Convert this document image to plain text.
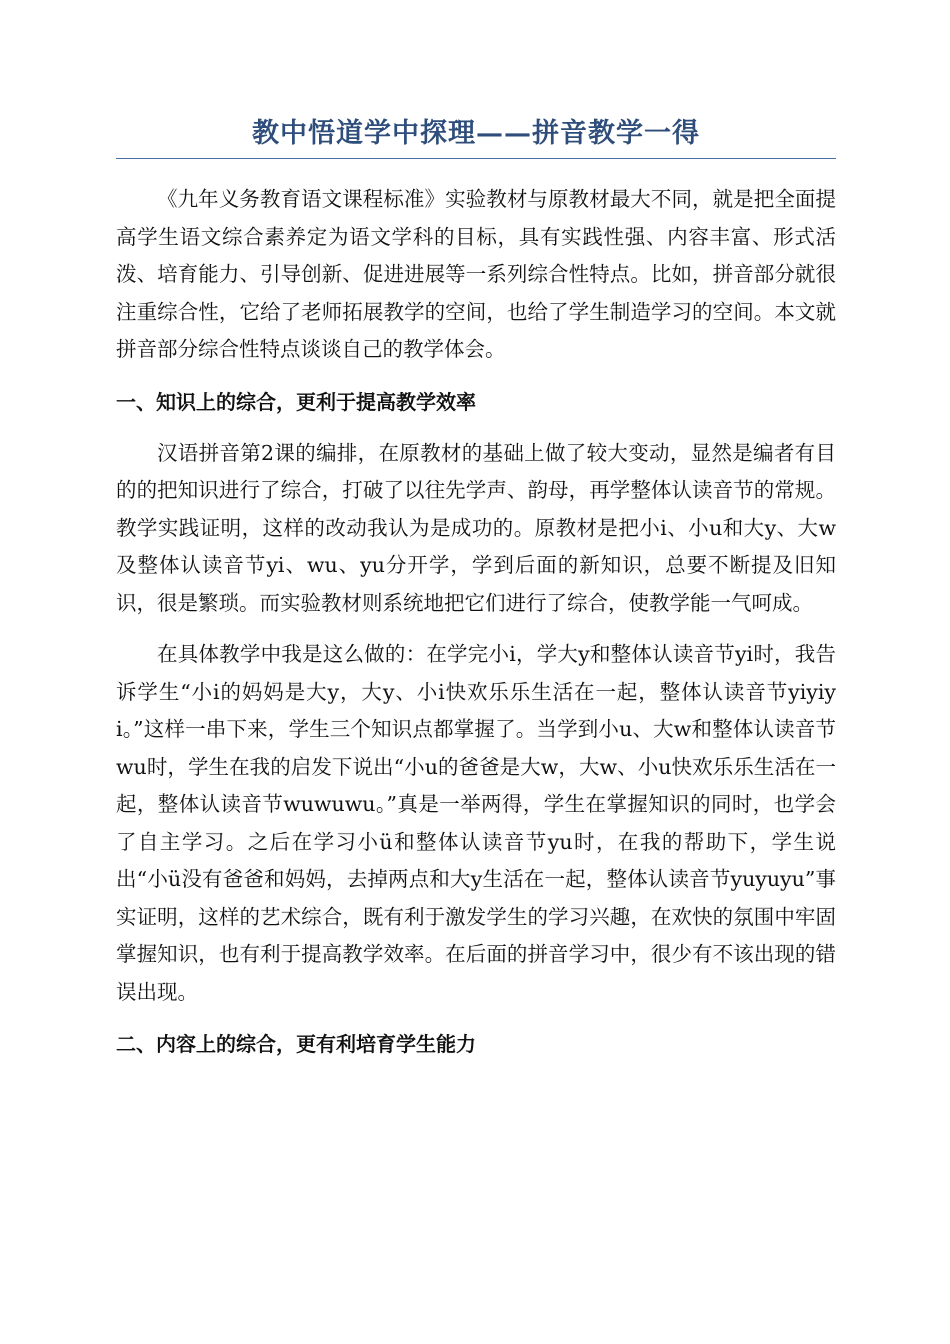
教中悟道学中探理——拼音教学一得

《九年义务教育语文课程标准》实验教材与原教材最大不同，就是把全面提高学生语文综合素养定为语文学科的目标，具有实践性强、内容丰富、形式活泼、培育能力、引导创新、促进进展等一系列综合性特点。比如，拼音部分就很注重综合性，它给了老师拓展教学的空间，也给了学生制造学习的空间。本文就拼音部分综合性特点谈谈自己的教学体会。

一、知识上的综合，更利于提高教学效率

汉语拼音第2课的编排，在原教材的基础上做了较大变动，显然是编者有目的的把知识进行了综合，打破了以往先学声、韵母，再学整体认读音节的常规。教学实践证明，这样的改动我认为是成功的。原教材是把小i、小u和大y、大w及整体认读音节yi、wu、yu分开学，学到后面的新知识，总要不断提及旧知识，很是繁琐。而实验教材则系统地把它们进行了综合，使教学能一气呵成。

在具体教学中我是这么做的：在学完小i，学大y和整体认读音节yi时，我告诉学生“小i的妈妈是大y，大y、小i快欢乐乐生活在一起，整体认读音节yiyiyi。”这样一串下来，学生三个知识点都掌握了。当学到小u、大w和整体认读音节wu时，学生在我的启发下说出“小u的爸爸是大w，大w、小u快欢乐乐生活在一起，整体认读音节wuwuwu。”真是一举两得，学生在掌握知识的同时，也学会了自主学习。之后在学习小ü和整体认读音节yu时，在我的帮助下，学生说出“小ü没有爸爸和妈妈，去掉两点和大y生活在一起，整体认读音节yuyuyu”事实证明，这样的艺术综合，既有利于激发学生的学习兴趣，在欢快的氛围中牢固掌握知识，也有利于提高教学效率。在后面的拼音学习中，很少有不该出现的错误出现。

二、内容上的综合，更有利培育学生能力
